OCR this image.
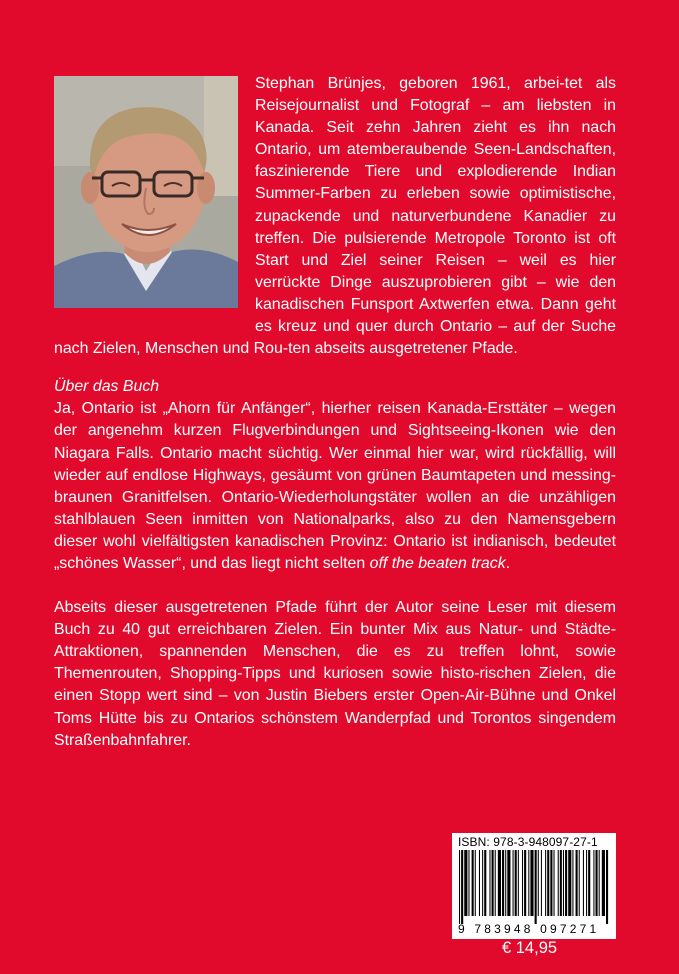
Stephan Brünjes, geboren 1961, arbei-tet als Reisejournalist und Fotograf – am liebsten in Kanada. Seit zehn Jahren zieht es ihn nach Ontario, um atemberaubende Seen-Landschaften, faszinierende Tiere und explodierende Indian Summer-Farben zu erleben sowie optimistische, zupackende und naturverbundene Kanadier zu treffen. Die pulsierende Metropole Toronto ist oft Start und Ziel seiner Reisen – weil es hier verrückte Dinge auszuprobieren gibt – wie den kanadischen Funsport Axtwerfen etwa. Dann geht es kreuz und quer durch Ontario – auf der Suche nach Zielen, Menschen und Rou-ten abseits ausgetretener Pfade.

Über das Buch

Ja, Ontario ist „Ahorn für Anfänger“, hierher reisen Kanada-Ersttäter – wegen der angenehm kurzen Flugverbindungen und Sightseeing-Ikonen wie den Niagara Falls. Ontario macht süchtig. Wer einmal hier war, wird rückfällig, will wieder auf endlose Highways, gesäumt von grünen Baumtapeten und messing-braunen Granitfelsen. Ontario-Wiederholungstäter wollen an die unzähligen stahlblauen Seen inmitten von Nationalparks, also zu den Namensgebern dieser wohl vielfältigsten kanadischen Provinz: Ontario ist indianisch, bedeutet „schönes Wasser“, und das liegt nicht selten off the beaten track.

Abseits dieser ausgetretenen Pfade führt der Autor seine Leser mit diesem Buch zu 40 gut erreichbaren Zielen. Ein bunter Mix aus Natur- und Städte-Attraktionen, spannenden Menschen, die es zu treffen lohnt, sowie Themenrouten, Shopping-Tipps und kuriosen sowie histo-rischen Zielen, die einen Stopp wert sind – von Justin Biebers erster Open-Air-Bühne und Onkel Toms Hütte bis zu Ontarios schönstem Wanderpfad und Torontos singendem Straßenbahnfahrer.

ISBN: 978-3-948097-27-1
9 783948 097271
€ 14,95
